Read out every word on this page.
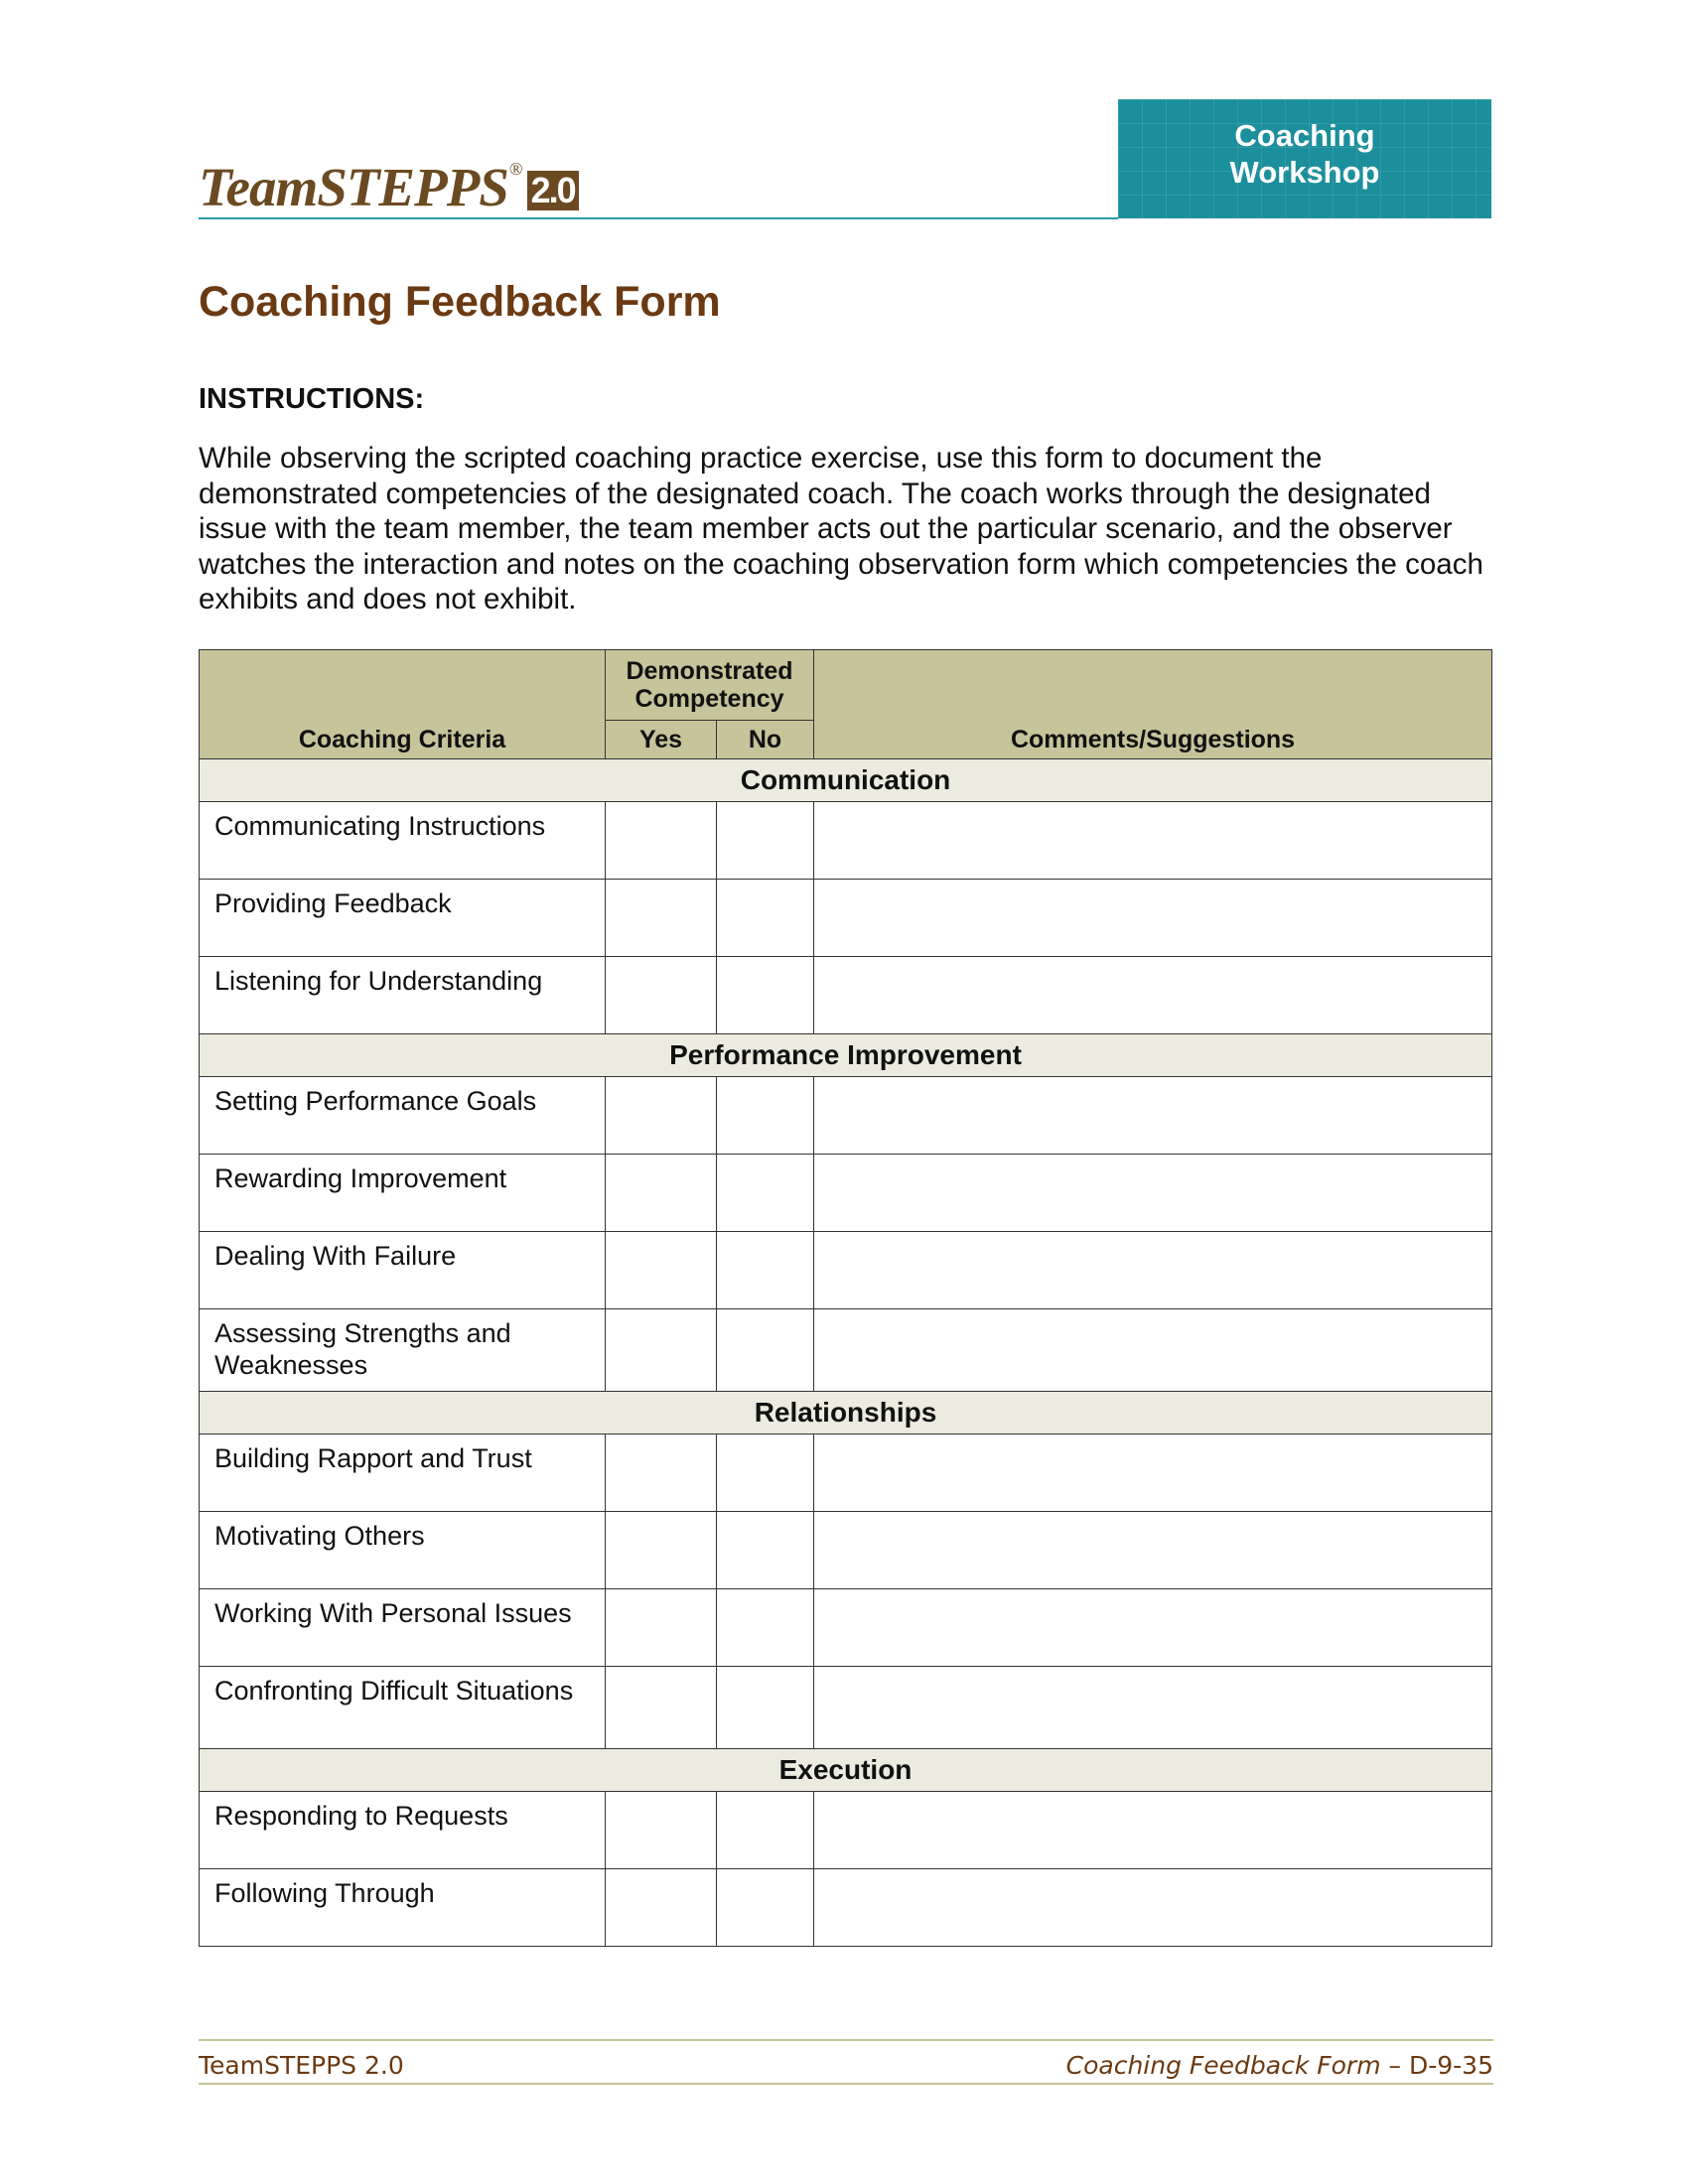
TeamSTEPPS ®
2.0
Coaching
Workshop
Coaching Feedback Form
INSTRUCTIONS:

While observing the scripted coaching practice exercise, use this form to document the demonstrated competencies of the designated coach. The coach works through the designated issue with the team member, the team member acts out the particular scenario, and the observer watches the interaction and notes on the coaching observation form which competencies the coach exhibits and does not exhibit.

Coaching Criteria	Demonstrated Competency		Comments/Suggestions
	Yes	No	
Communication			
Communicating Instructions			
Providing Feedback			
Listening for Understanding			
Performance Improvement			
Setting Performance Goals			
Rewarding Improvement			
Dealing With Failure			
Assessing Strengths and Weaknesses			
Relationships			
Building Rapport and Trust			
Motivating Others			
Working With Personal Issues			
Confronting Difficult Situations			
Execution			
Responding to Requests			
Following Through			
TeamSTEPPS 2.0	Coaching Feedback Form – D-9-35
